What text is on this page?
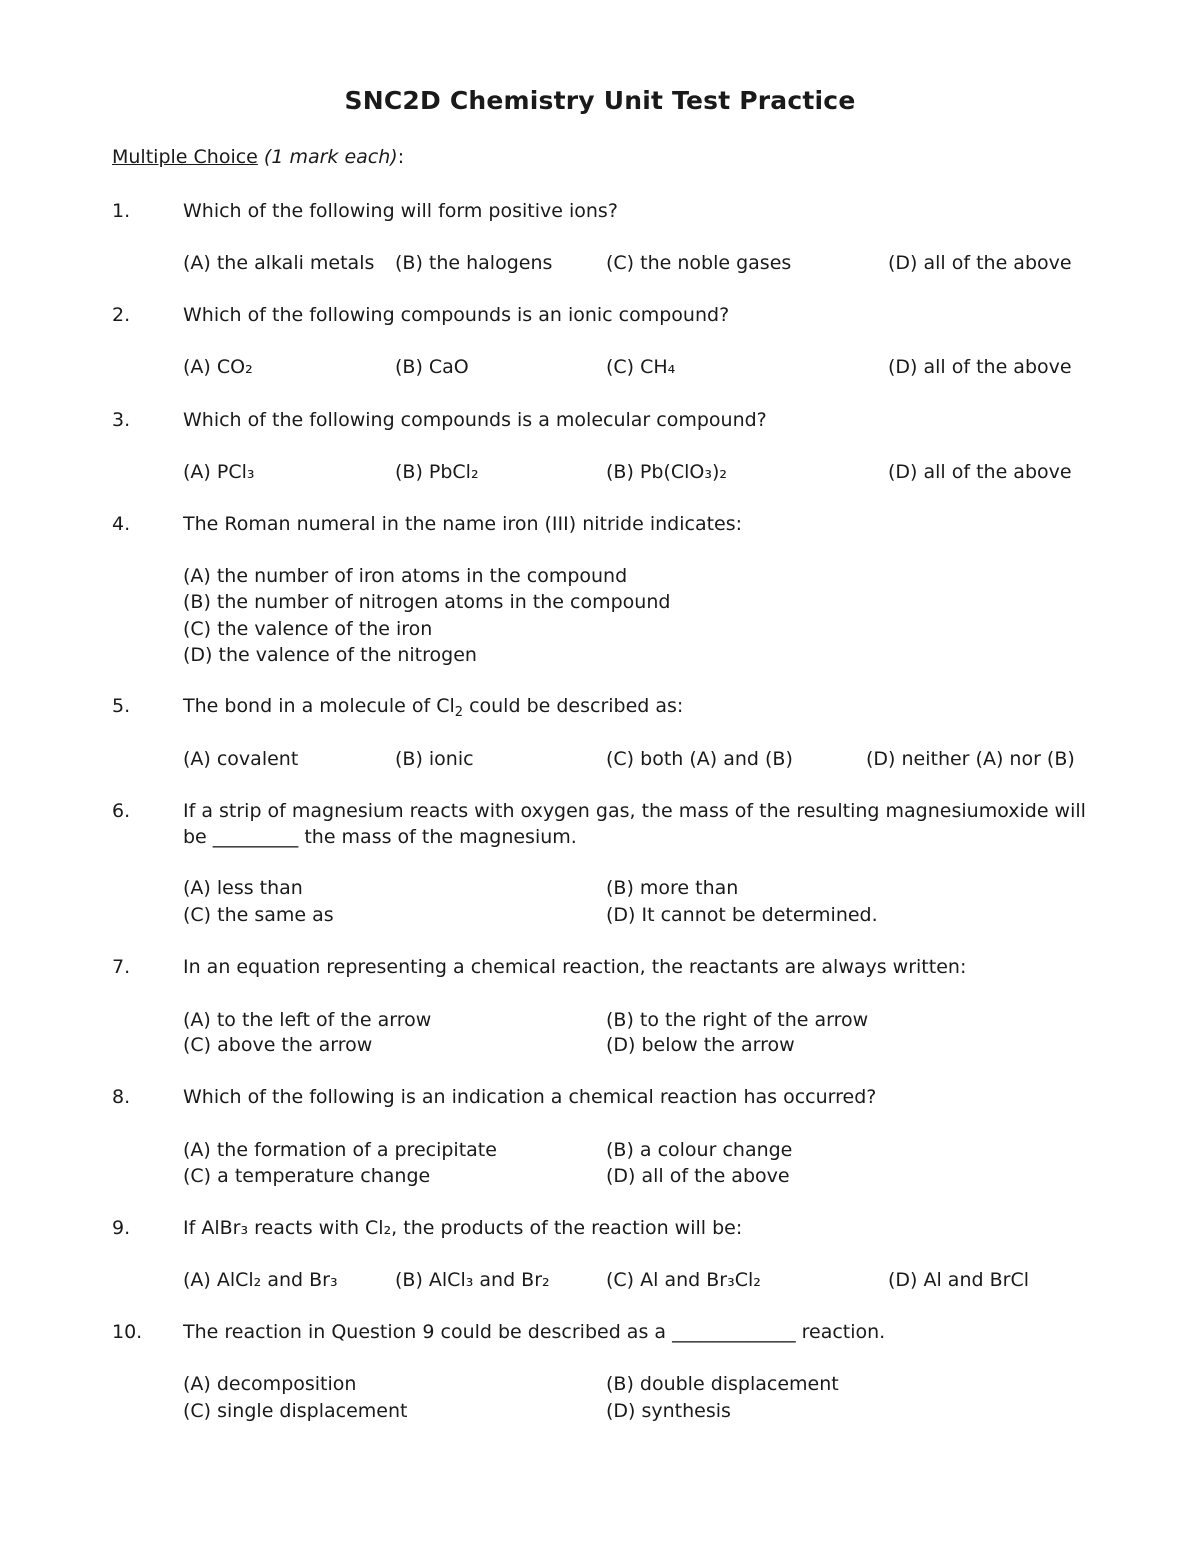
SNC2D Chemistry Unit Test Practice
Multiple Choice (1 mark each):
1.	Which of the following will form positive ions?
(A) the alkali metals (B) the halogens	(C) the noble gases	(D) all of the above
2.	Which of the following compounds is an ionic compound?
(A) CO₂	(B) CaO	(C) CH₄	(D) all of the above
3.	Which of the following compounds is a molecular compound?
(A) PCl₃	(B) PbCl₂	(B) Pb(ClO₃)₂	(D) all of the above
4.	The Roman numeral in the name iron (III) nitride indicates:
(A) the number of iron atoms in the compound
(B) the number of nitrogen atoms in the compound
(C) the valence of the iron
(D) the valence of the nitrogen
5.	The bond in a molecule of $Cl_2$ could be described as:
(A) covalent	(B) ionic	(C) both (A) and (B)	(D) neither (A) nor (B)
6.	If a strip of magnesium reacts with oxygen gas, the mass of the resulting magnesiumoxide will
be _________ the mass of the magnesium.
(A) less than	(B) more than
(C) the same as	(D) It cannot be determined.
7.	In an equation representing a chemical reaction, the reactants are always written:
(A) to the left of the arrow	(B) to the right of the arrow
(C) above the arrow	(D) below the arrow
8.	Which of the following is an indication a chemical reaction has occurred?
(A) the formation of a precipitate	(B) a colour change
(C) a temperature change	(D) all of the above
9.	If AlBr₃ reacts with Cl₂, the products of the reaction will be:
(A) AlCl₂ and Br₃	(B) AlCl₃ and Br₂	(C) Al and Br₃Cl₂	(D) Al and BrCl
10. The reaction in Question 9 could be described as a _____________ reaction.
(A) decomposition	(B) double displacement
(C) single displacement	(D) synthesis
